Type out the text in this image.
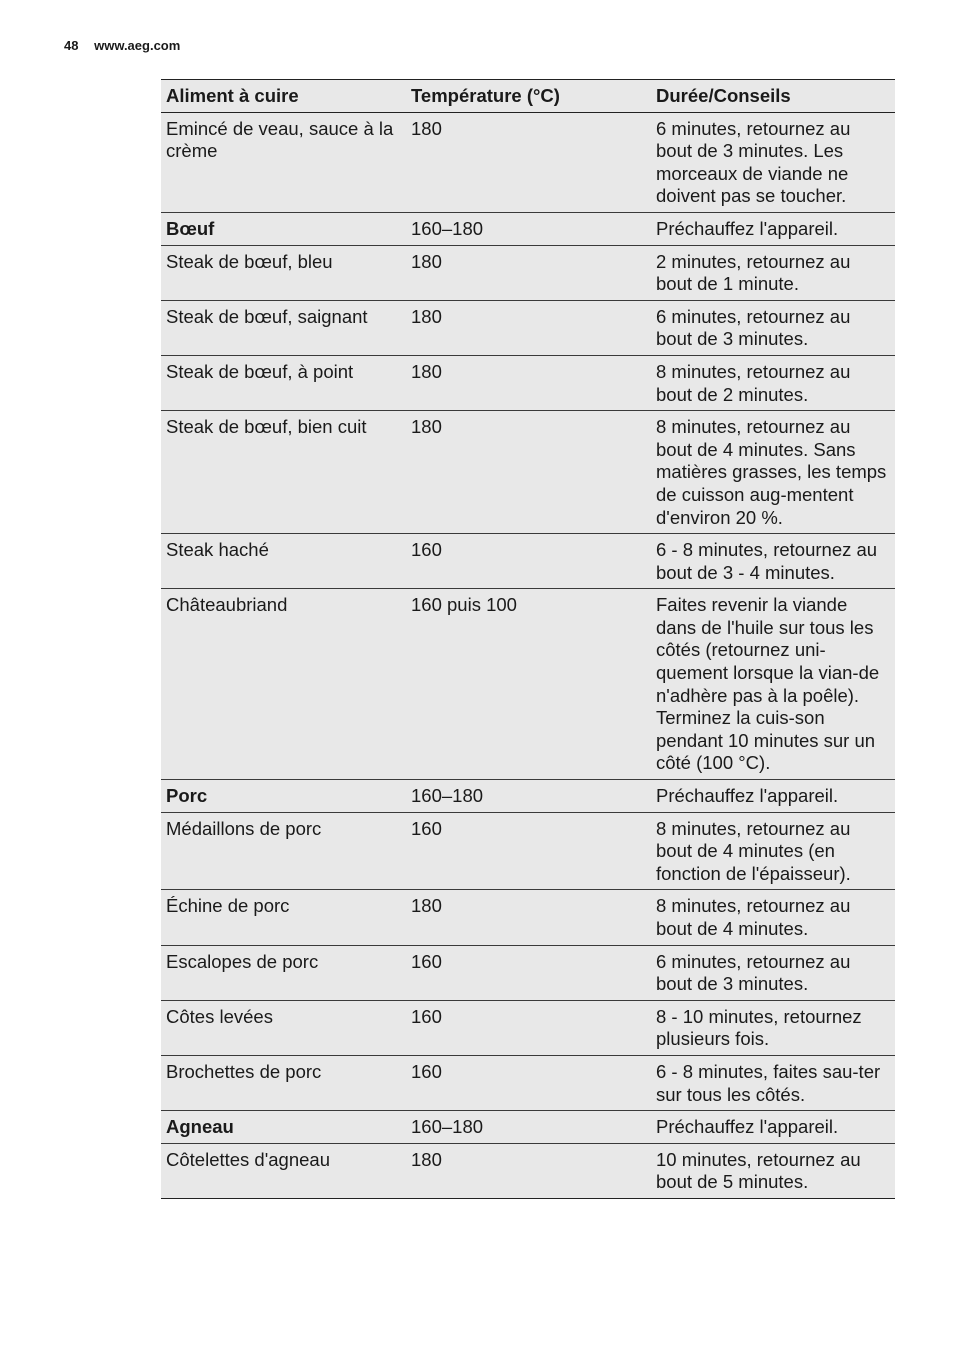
48 www.aeg.com
Aliment à cuire	Température (°C)	Durée/Conseils
Emincé de veau, sauce à la crème	180	6 minutes, retournez au bout de 3 minutes. Les morceaux de viande ne doivent pas se toucher.
Bœuf	160–180	Préchauffez l'appareil.
Steak de bœuf, bleu	180	2 minutes, retournez au bout de 1 minute.
Steak de bœuf, saignant	180	6 minutes, retournez au bout de 3 minutes.
Steak de bœuf, à point	180	8 minutes, retournez au bout de 2 minutes.
Steak de bœuf, bien cuit	180	8 minutes, retournez au bout de 4 minutes. Sans matières grasses, les temps de cuisson aug-mentent d'environ 20 %.
Steak haché	160	6 - 8 minutes, retournez au bout de 3 - 4 minutes.
Châteaubriand	160 puis 100	Faites revenir la viande dans de l'huile sur tous les côtés (retournez uni-quement lorsque la vian-de n'adhère pas à la poêle). Terminez la cuis-son pendant 10 minutes sur un côté (100 °C).
Porc	160–180	Préchauffez l'appareil.
Médaillons de porc	160	8 minutes, retournez au bout de 4 minutes (en fonction de l'épaisseur).
Échine de porc	180	8 minutes, retournez au bout de 4 minutes.
Escalopes de porc	160	6 minutes, retournez au bout de 3 minutes.
Côtes levées	160	8 - 10 minutes, retournez plusieurs fois.
Brochettes de porc	160	6 - 8 minutes, faites sau-ter sur tous les côtés.
Agneau	160–180	Préchauffez l'appareil.
Côtelettes d'agneau	180	10 minutes, retournez au bout de 5 minutes.
